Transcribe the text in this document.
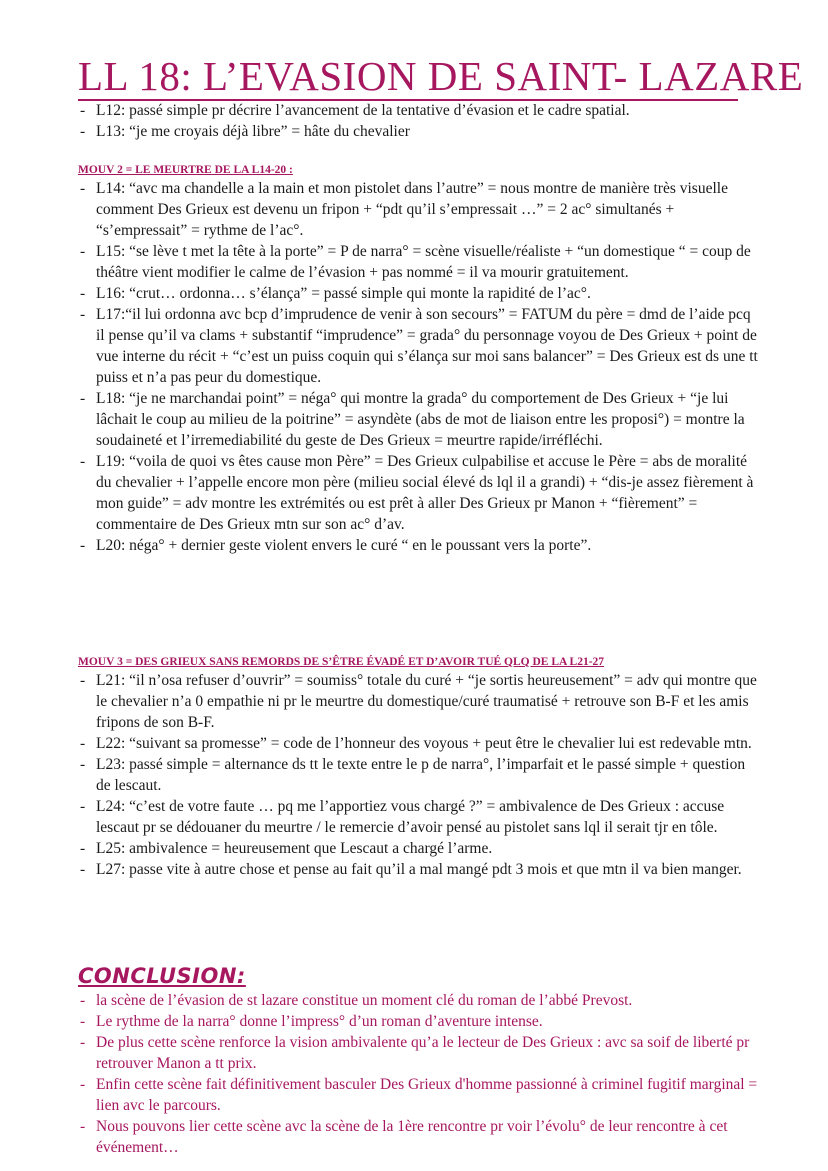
LL 18: L’EVASION DE SAINT- LAZARE
- L12: passé simple pr décrire l’avancement de la tentative d’évasion et le cadre spatial.
- L13: “je me croyais déjà libre” = hâte du chevalier
MOUV 2 = LE MEURTRE DE LA L14-20 :
- L14: “avc ma chandelle a la main et mon pistolet dans l’autre” = nous montre de manière très visuelle comment Des Grieux est devenu un fripon + “pdt qu’il s’empressait …” = 2 ac° simultanés + “s’empressait” = rythme de l’ac°.
- L15: “se lève t met la tête à la porte” = P de narra° = scène visuelle/réaliste + “un domestique “ = coup de théâtre vient modifier le calme de l’évasion + pas nommé = il va mourir gratuitement.
- L16: “crut… ordonna… s’élança” = passé simple qui monte la rapidité de l’ac°.
- L17:“il lui ordonna avc bcp d’imprudence de venir à son secours” = FATUM du père = dmd de l’aide pcq il pense qu’il va clams + substantif “imprudence” = grada° du personnage voyou de Des Grieux + point de vue interne du récit + “c’est un puiss coquin qui s’élança sur moi sans balancer” = Des Grieux est ds une tt puiss et n’a pas peur du domestique.
- L18: “je ne marchandai point” = néga° qui montre la grada° du comportement de Des Grieux + “je lui lâchait le coup au milieu de la poitrine” = asyndète (abs de mot de liaison entre les proposi°) = montre la soudaineté et l’irremediabilité du geste de Des Grieux = meurtre rapide/irréfléchi.
- L19: “voila de quoi vs êtes cause mon Père” = Des Grieux culpabilise et accuse le Père = abs de moralité du chevalier + l’appelle encore mon père (milieu social élevé ds lql il a grandi) + “dis-je assez fièrement à mon guide” = adv montre les extrémités ou est prêt à aller Des Grieux pr Manon + “fièrement” = commentaire de Des Grieux mtn sur son ac° d’av.
- L20: néga° + dernier geste violent envers le curé “ en le poussant vers la porte”.
MOUV 3 = DES GRIEUX SANS REMORDS DE S’ÊTRE ÉVADÉ ET D’AVOIR TUÉ QLQ DE LA L21-27
- L21: “il n’osa refuser d’ouvrir” = soumiss° totale du curé + “je sortis heureusement” = adv qui montre que le chevalier n’a 0 empathie ni pr le meurtre du domestique/curé traumatisé + retrouve son B-F et les amis fripons de son B-F.
- L22: “suivant sa promesse” = code de l’honneur des voyous + peut être le chevalier lui est redevable mtn.
- L23: passé simple = alternance ds tt le texte entre le p de narra°, l’imparfait et le passé simple + question de lescaut.
- L24: “c’est de votre faute … pq me l’apportiez vous chargé ?” = ambivalence de Des Grieux : accuse lescaut pr se dédouaner du meurtre / le remercie d’avoir pensé au pistolet sans lql il serait tjr en tôle.
- L25: ambivalence = heureusement que Lescaut a chargé l’arme.
- L27: passe vite à autre chose et pense au fait qu’il a mal mangé pdt 3 mois et que mtn il va bien manger.
CONCLUSION:
- la scène de l’évasion de st lazare constitue un moment clé du roman de l’abbé Prevost.
- Le rythme de la narra° donne l’impress° d’un roman d’aventure intense.
- De plus cette scène renforce la vision ambivalente qu’a le lecteur de Des Grieux : avc sa soif de liberté pr retrouver Manon a tt prix.
- Enfin cette scène fait définitivement basculer Des Grieux d'homme passionné à criminel fugitif marginal = lien avc le parcours.
- Nous pouvons lier cette scène avc la scène de la 1ère rencontre pr voir l’évolu° de leur rencontre à cet événement…
